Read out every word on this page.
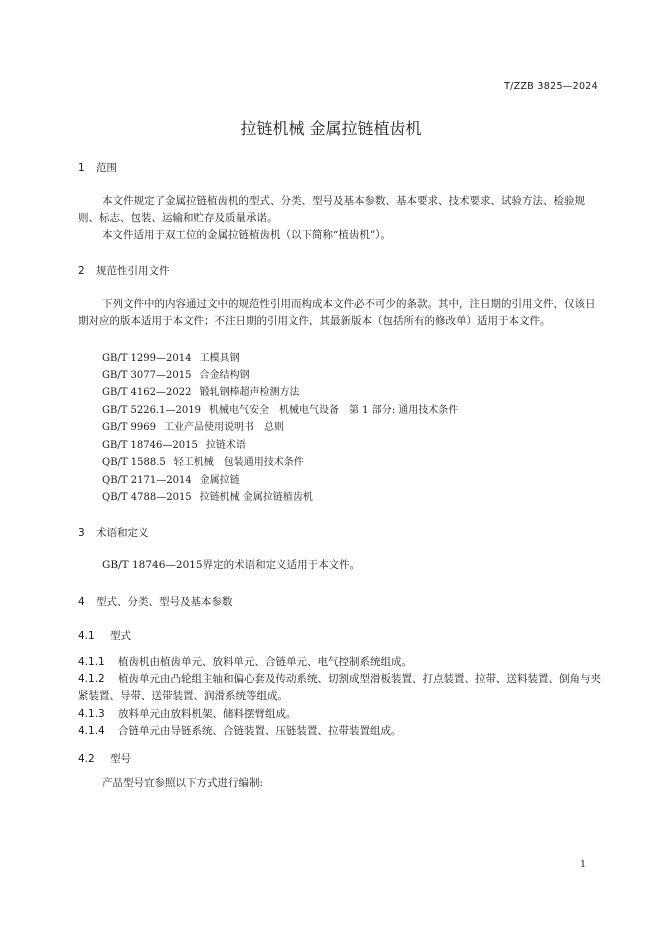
T/ZZB 3825—2024
拉链机械 金属拉链植齿机
1 范围
本文件规定了金属拉链植齿机的型式、分类、型号及基本参数、基本要求、技术要求、试验方法、检验规则、标志、包装、运输和贮存及质量承诺。
本文件适用于双工位的金属拉链植齿机（以下简称“植齿机”）。
2 规范性引用文件
下列文件中的内容通过文中的规范性引用而构成本文件必不可少的条款。其中，注日期的引用文件，仅该日期对应的版本适用于本文件；不注日期的引用文件，其最新版本（包括所有的修改单）适用于本文件。
GB/T 1299—2014 工模具钢
GB/T 3077—2015 合金结构钢
GB/T 4162—2022 锻轧钢棒超声检测方法
GB/T 5226.1—2019 机械电气安全　机械电气设备　第 1 部分: 通用技术条件
GB/T 9969 工业产品使用说明书　总则
GB/T 18746—2015 拉链术语
QB/T 1588.5 轻工机械　包装通用技术条件
QB/T 2171—2014 金属拉链
QB/T 4788—2015 拉链机械 金属拉链植齿机
3 术语和定义
GB/T 18746—2015界定的术语和定义适用于本文件。
4 型式、分类、型号及基本参数
4.1 型式
4.1.1 植齿机由植齿单元、放料单元、合链单元、电气控制系统组成。
4.1.2 植齿单元由凸轮组主轴和偏心套及传动系统、切割成型滑板装置、打点装置、拉带、送料装置、倒角与夹紧装置、导带、送带装置、润滑系统等组成。
4.1.3 放料单元由放料机架、储料摆臂组成。
4.1.4 合链单元由导链系统、合链装置、压链装置、拉带装置组成。
4.2 型号
产品型号宜参照以下方式进行编制:
1
